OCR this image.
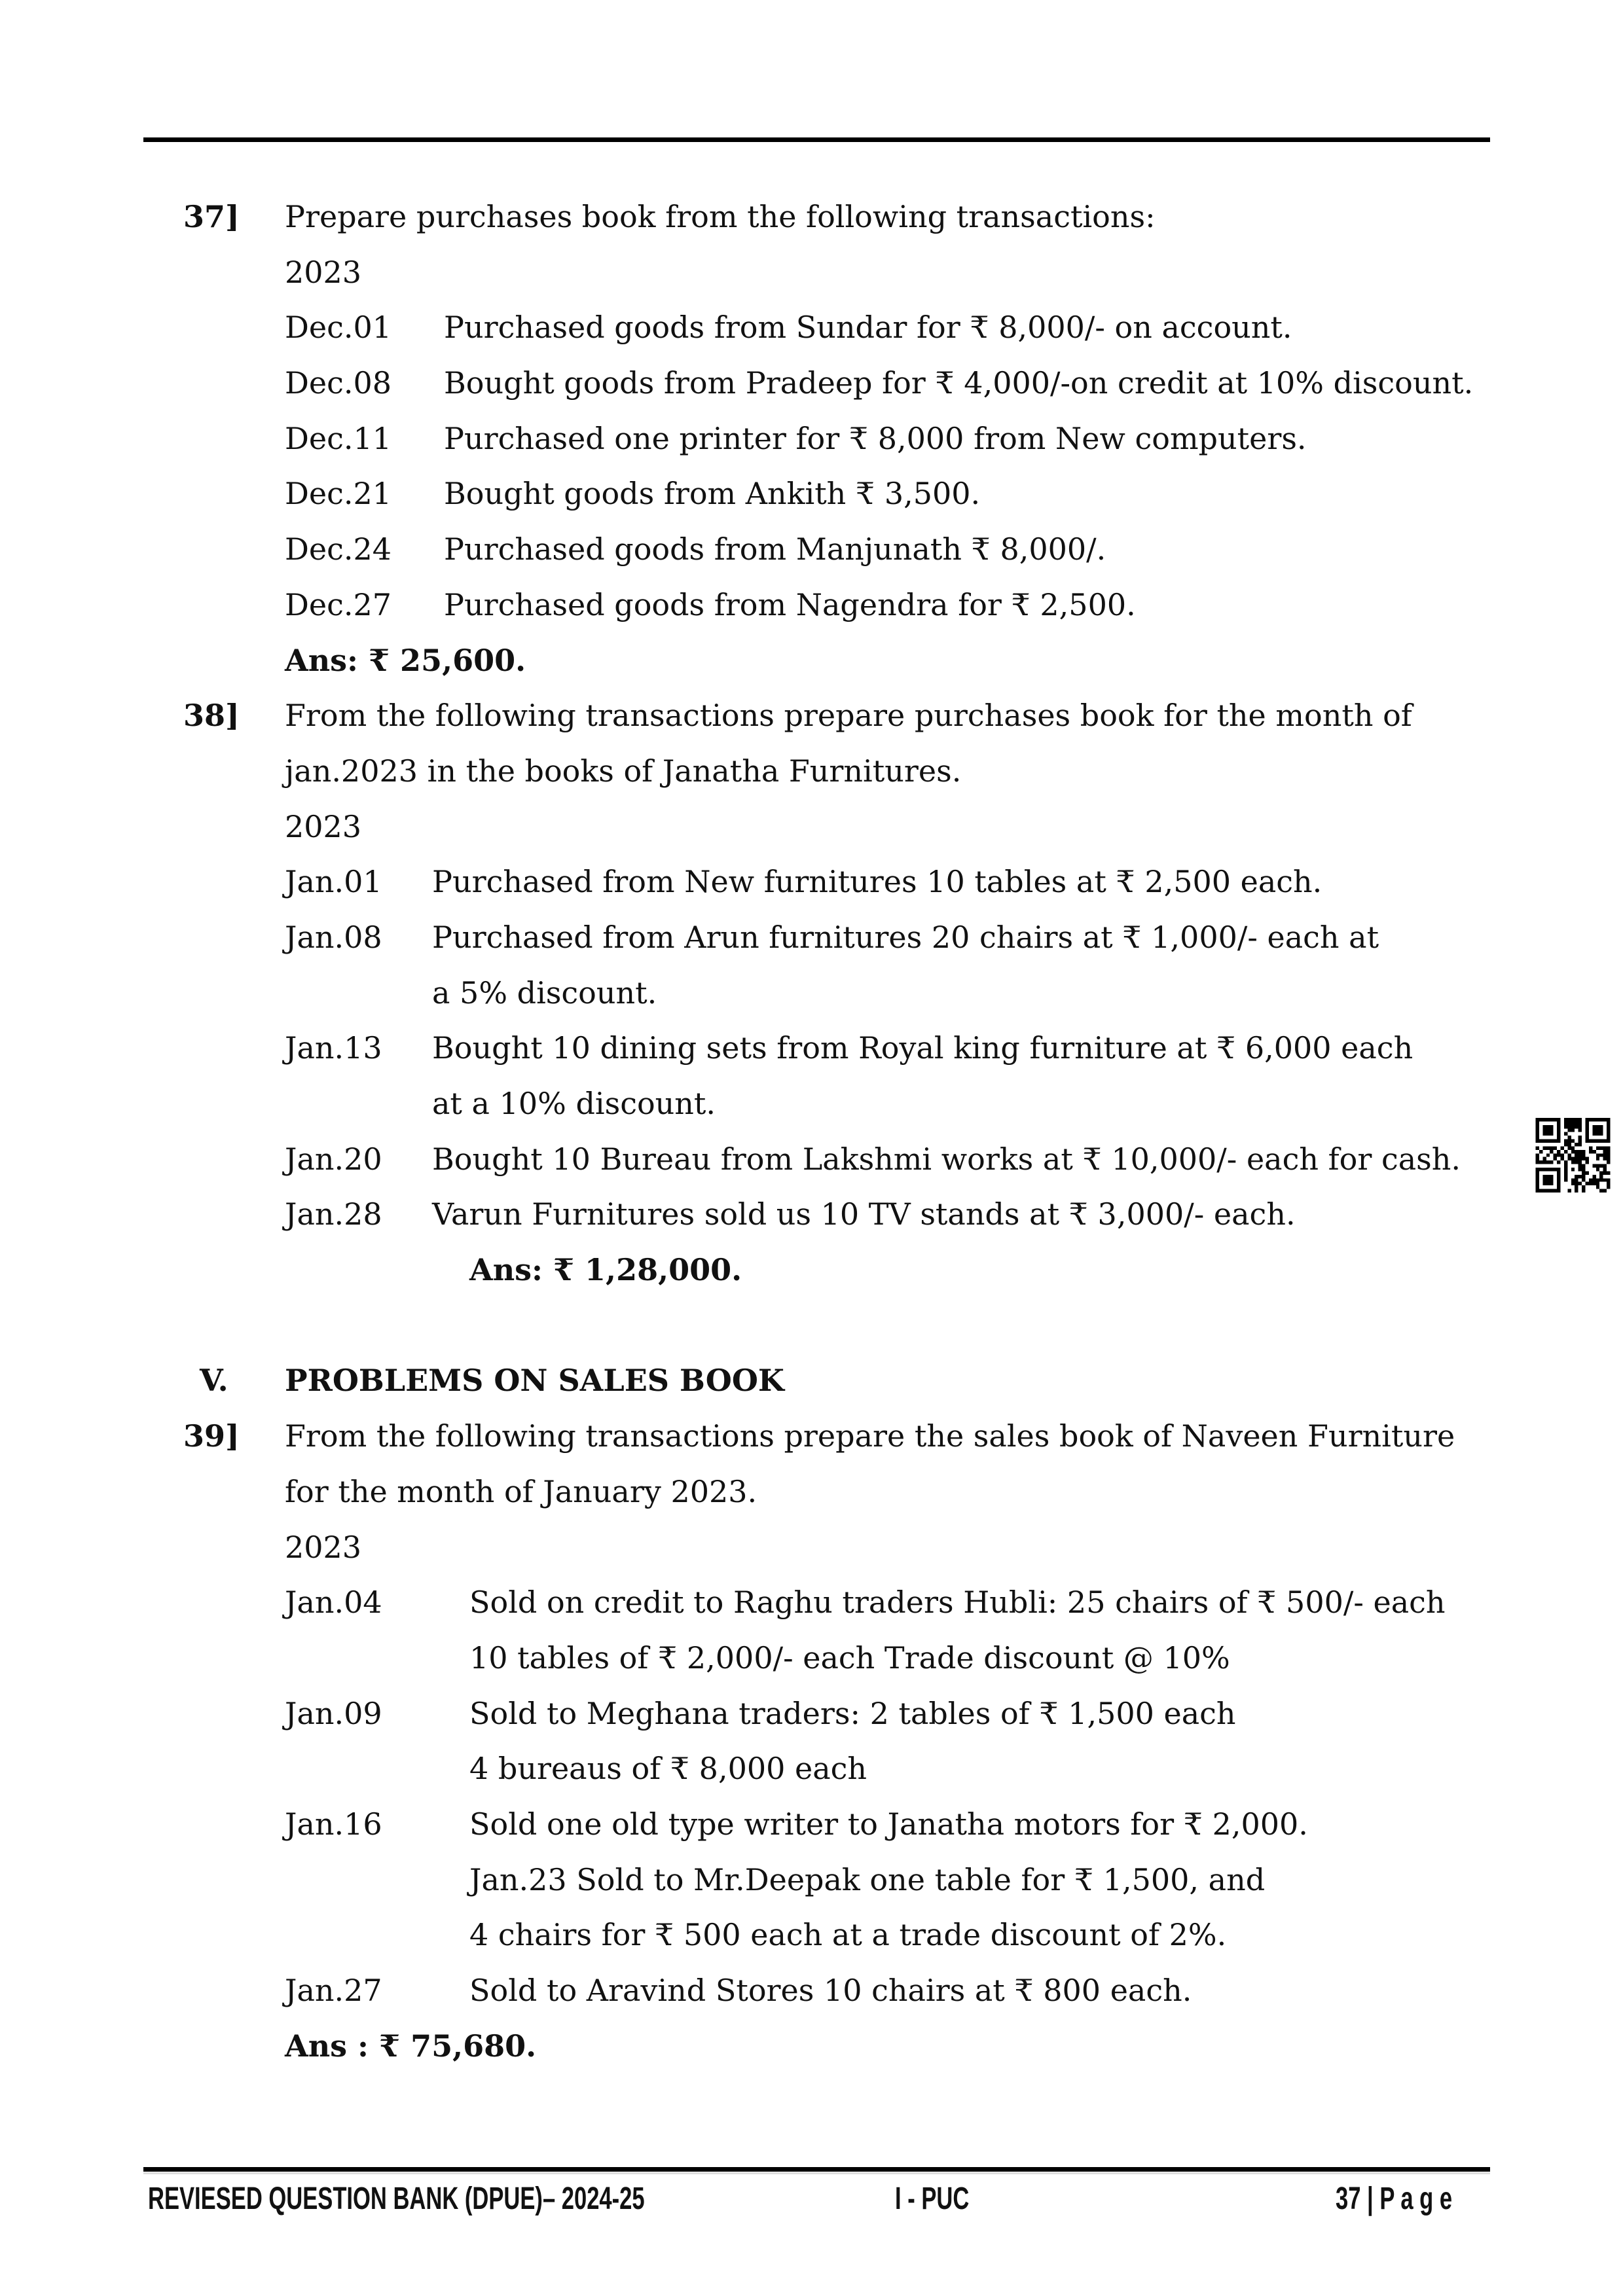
37] Prepare purchases book from the following transactions:
2023
Dec.01 Purchased goods from Sundar for ₹ 8,000/- on account.
Dec.08 Bought goods from Pradeep for ₹ 4,000/-on credit at 10% discount.
Dec.11 Purchased one printer for ₹ 8,000 from New computers.
Dec.21 Bought goods from Ankith ₹ 3,500.
Dec.24 Purchased goods from Manjunath ₹ 8,000/.
Dec.27 Purchased goods from Nagendra for ₹ 2,500.
Ans: ₹ 25,600.
38] From the following transactions prepare purchases book for the month of
jan.2023 in the books of Janatha Furnitures.
2023
Jan.01 Purchased from New furnitures 10 tables at ₹ 2,500 each.
Jan.08 Purchased from Arun furnitures 20 chairs at ₹ 1,000/- each at
a 5% discount.
Jan.13 Bought 10 dining sets from Royal king furniture at ₹ 6,000 each
at a 10% discount.
Jan.20 Bought 10 Bureau from Lakshmi works at ₹ 10,000/- each for cash.
Jan.28 Varun Furnitures sold us 10 TV stands at ₹ 3,000/- each.
Ans: ₹ 1,28,000.
V. PROBLEMS ON SALES BOOK
39] From the following transactions prepare the sales book of Naveen Furniture
for the month of January 2023.
2023
Jan.04	Sold on credit to Raghu traders Hubli: 25 chairs of ₹ 500/- each
10 tables of ₹ 2,000/- each Trade discount @ 10%
Jan.09	Sold to Meghana traders: 2 tables of ₹ 1,500 each
4 bureaus of ₹ 8,000 each
Jan.16	Sold one old type writer to Janatha motors for ₹ 2,000.
Jan.23 Sold to Mr.Deepak one table for ₹ 1,500, and
4 chairs for ₹ 500 each at a trade discount of 2%.
Jan.27	Sold to Aravind Stores 10 chairs at ₹ 800 each.
Ans : ₹ 75,680.
REVIESED QUESTION BANK (DPUE)– 2024-25	I - PUC	37 | P a g e
